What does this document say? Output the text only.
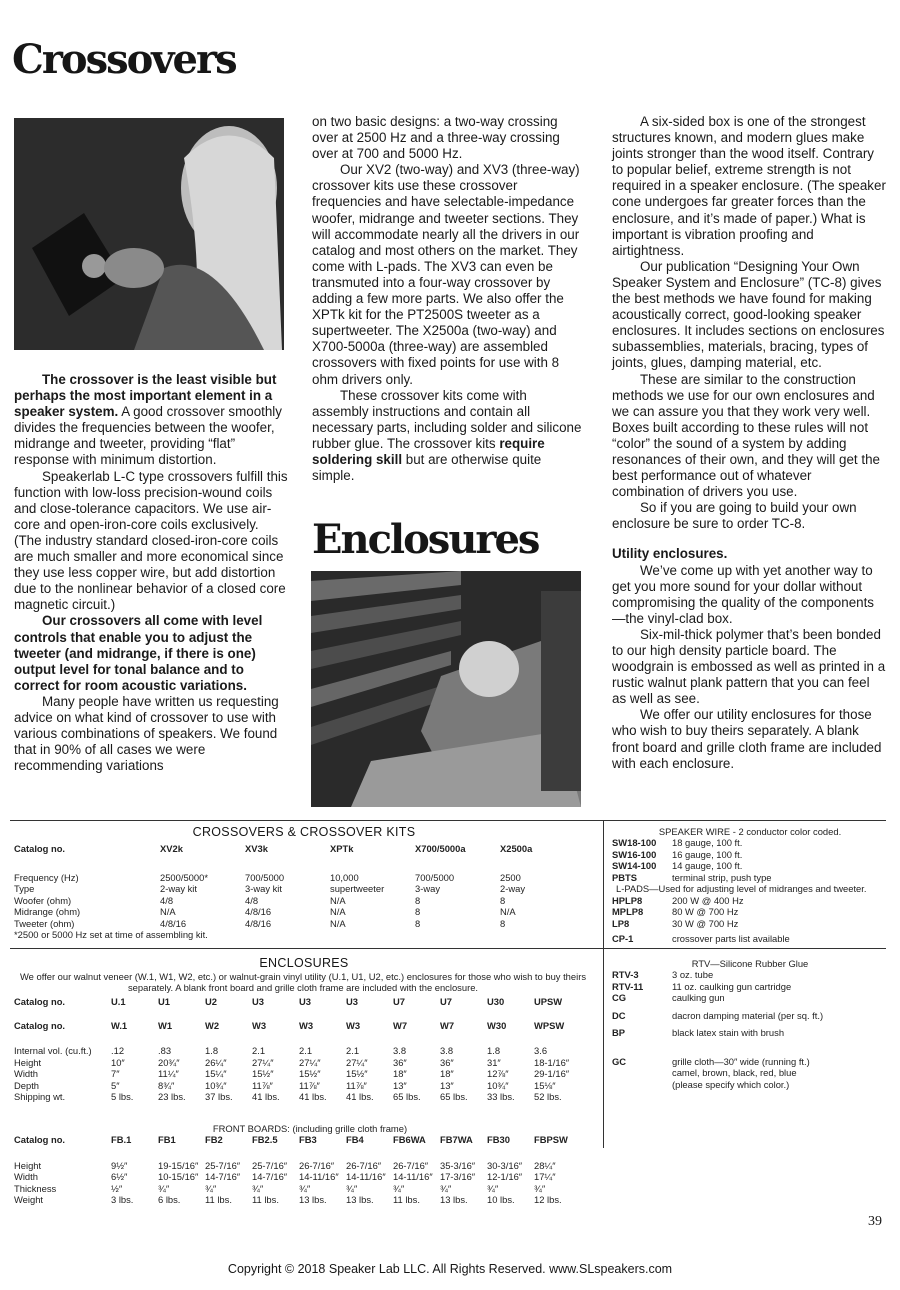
Crossovers
Enclosures

The crossover is the least visible but perhaps the most important element in a speaker system. A good crossover smoothly divides the frequencies between the woofer, midrange and tweeter, providing “flat” response with minimum distortion.

Speakerlab L-C type crossovers fulfill this function with low-loss precision-wound coils and close-tolerance capacitors. We use air-core and open-iron-core coils exclusively. (The industry standard closed-iron-core coils are much smaller and more economical since they use less copper wire, but add distortion due to the nonlinear behavior of a closed core magnetic circuit.)

Our crossovers all come with level controls that enable you to adjust the tweeter (and midrange, if there is one) output level for tonal balance and to correct for room acoustic variations.

Many people have written us requesting advice on what kind of crossover to use with various combinations of speakers. We found that in 90% of all cases we were recommending variations

on two basic designs: a two-way crossing over at 2500 Hz and a three-way crossing over at 700 and 5000 Hz.

Our XV2 (two-way) and XV3 (three-way) crossover kits use these crossover frequencies and have selectable-impedance woofer, midrange and tweeter sections. They will accommodate nearly all the drivers in our catalog and most others on the market. They come with L-pads. The XV3 can even be transmuted into a four-way crossover by adding a few more parts. We also offer the XPTk kit for the PT2500S tweeter as a supertweeter. The X2500a (two-way) and X700-5000a (three-way) are assembled crossovers with fixed points for use with 8 ohm drivers only.

These crossover kits come with assembly instructions and contain all necessary parts, including solder and silicone rubber glue. The crossover kits require soldering skill but are otherwise quite simple.

A six-sided box is one of the strongest structures known, and modern glues make joints stronger than the wood itself. Contrary to popular belief, extreme strength is not required in a speaker enclosure. (The speaker cone undergoes far greater forces than the enclosure, and it’s made of paper.) What is important is vibration proofing and airtightness.

Our publication “Designing Your Own Speaker System and Enclosure” (TC-8) gives the best methods we have found for making acoustically correct, good-looking speaker enclosures. It includes sections on enclosures subassemblies, materials, bracing, types of joints, glues, damping material, etc.

These are similar to the construction methods we use for our own enclosures and we can assure you that they work very well. Boxes built according to these rules will not “color” the sound of a system by adding resonances of their own, and they will get the best performance out of whatever combination of drivers you use.

So if you are going to build your own enclosure be sure to order TC-8.

Utility enclosures.

We’ve come up with yet another way to get you more sound for your dollar without compromising the quality of the components—the vinyl-clad box.

Six-mil-thick polymer that’s been bonded to our high density particle board. The woodgrain is embossed as well as printed in a rustic walnut plank pattern that you can feel as well as see.

We offer our utility enclosures for those who wish to buy theirs separately. A blank front board and grille cloth frame are included with each enclosure.

CROSSOVERS & CROSSOVER KITS
Catalog no.	XV2k	XV3k	XPTk	X700/5000a	X2500a

Frequency (Hz)	2500/5000*	700/5000	10,000	700/5000	2500
Type	2-way kit	3-way kit	supertweeter	3-way	2-way
Woofer (ohm)	4/8	4/8	N/A	8	8
Midrange (ohm)	N/A	4/8/16	N/A	8	N/A
Tweeter (ohm)	4/8/16	4/8/16	N/A	8	8
*2500 or 5000 Hz set at time of assembling kit.					
SPEAKER WIRE - 2 conductor color coded.
SW18-100	18 gauge, 100 ft.
SW16-100	16 gauge, 100 ft.
SW14-100	14 gauge, 100 ft.
PBTS	terminal strip, push type
L-PADS—Used for adjusting level of midranges and tweeter.
HPLP8	200 W @ 400 Hz
MPLP8	80 W @ 700 Hz
LP8	30 W @ 700 Hz
CP-1	crossover parts list available
ENCLOSURES
We offer our walnut veneer (W.1, W1, W2, etc.) or walnut-grain vinyl utility (U.1, U1, U2, etc.) enclosures for those who wish to buy theirs separately. A blank front board and grille cloth frame are included with the enclosure.
Catalog no.	U.1	U1	U2	U3	U3	U3	U7	U7	U30	UPSW

Catalog no.	W.1	W1	W2	W3	W3	W3	W7	W7	W30	WPSW

Internal vol. (cu.ft.)	.12	.83	1.8	2.1	2.1	2.1	3.8	3.8	1.8	3.6
Height	10″	20¾″	26¼″	27¼″	27¼″	27¼″	36″	36″	31″	18-1/16″
Width	7″	11¼″	15¼″	15½″	15½″	15½″	18″	18″	12⅞″	29-1/16″
Depth	5″	8¾″	10¾″	11⅞″	11⅞″	11⅞″	13″	13″	10¾″	15⅛″
Shipping wt.	5 lbs.	23 lbs.	37 lbs.	41 lbs.	41 lbs.	41 lbs.	65 lbs.	65 lbs.	33 lbs.	52 lbs.
FRONT BOARDS: (including grille cloth frame)
Catalog no.	FB.1	FB1	FB2	FB2.5	FB3	FB4	FB6WA	FB7WA	FB30	FBPSW

Height	9½″	19-15/16″	25-7/16″	25-7/16″	26-7/16″	26-7/16″	26-7/16″	35-3/16″	30-3/16″	28¼″
Width	6½″	10-15/16″	14-7/16″	14-7/16″	14-11/16″	14-11/16″	14-11/16″	17-3/16″	12-1/16″	17¼″
Thickness	½″	¾″	¾″	¾″	¾″	¾″	¾″	¾″	¾″	¾″
Weight	3 lbs.	6 lbs.	11 lbs.	11 lbs.	13 lbs.	13 lbs.	11 lbs.	13 lbs.	10 lbs.	12 lbs.
RTV—Silicone Rubber Glue
RTV-3	3 oz. tube
RTV-11	11 oz. caulking gun cartridge
CG	caulking gun
DC	dacron damping material (per sq. ft.)
BP	black latex stain with brush
GC	grille cloth—30″ wide (running ft.)
camel, brown, black, red, blue
(please specify which color.)
39
Copyright © 2018 Speaker Lab LLC. All Rights Reserved. www.SLspeakers.com
